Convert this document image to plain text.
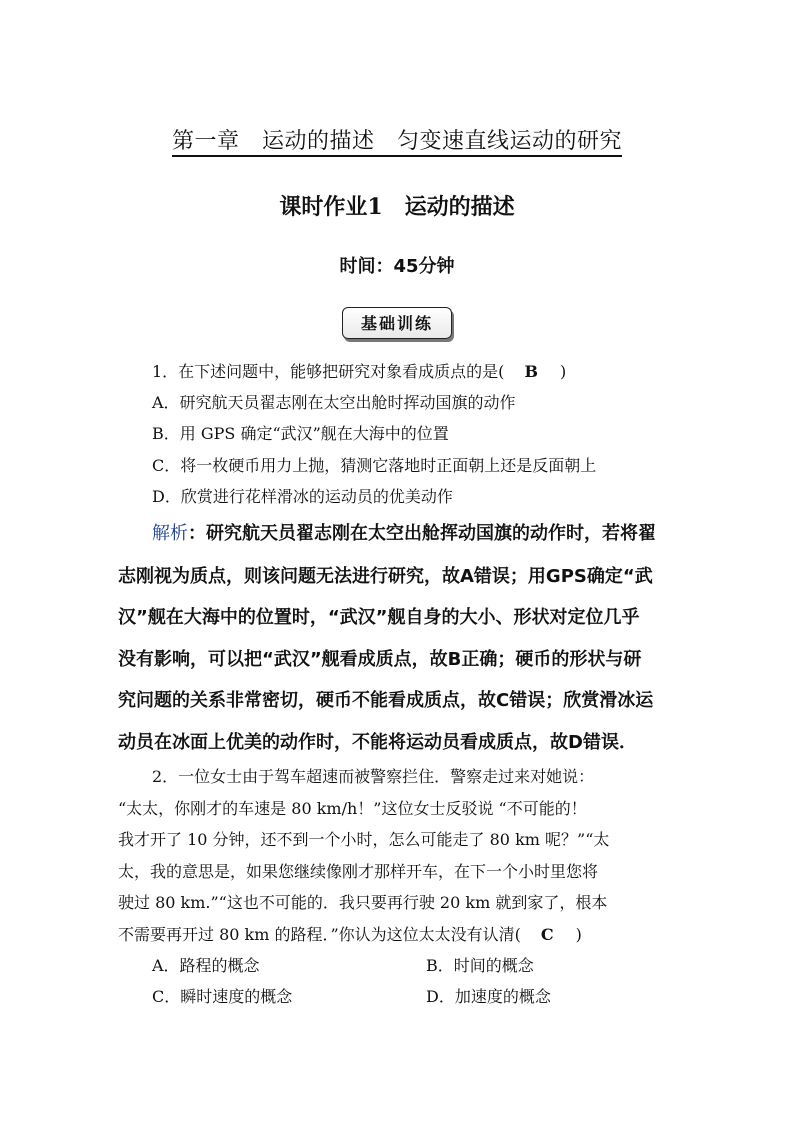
第一章　运动的描述　匀变速直线运动的研究
课时作业1　运动的描述
时间：45分钟
基础训练
1．在下述问题中，能够把研究对象看成质点的是( B )
A．研究航天员翟志刚在太空出舱时挥动国旗的动作
B．用 GPS 确定“武汉”舰在大海中的位置
C．将一枚硬币用力上抛，猜测它落地时正面朝上还是反面朝上
D．欣赏进行花样滑冰的运动员的优美动作
解析：研究航天员翟志刚在太空出舱挥动国旗的动作时，若将翟
志刚视为质点，则该问题无法进行研究，故A错误；用GPS确定“武
汉”舰在大海中的位置时，“武汉”舰自身的大小、形状对定位几乎
没有影响，可以把“武汉”舰看成质点，故B正确；硬币的形状与研
究问题的关系非常密切，硬币不能看成质点，故C错误；欣赏滑冰运
动员在冰面上优美的动作时，不能将运动员看成质点，故D错误．
2．一位女士由于驾车超速而被警察拦住．警察走过来对她说：
“太太，你刚才的车速是 80 km/h！”这位女士反驳说 “不可能的！
我才开了 10 分钟，还不到一个小时，怎么可能走了 80 km 呢？”“太
太，我的意思是，如果您继续像刚才那样开车，在下一个小时里您将
驶过 80 km.”“这也不可能的．我只要再行驶 20 km 就到家了，根本
不需要再开过 80 km 的路程．”你认为这位太太没有认清( C )
A．路程的概念	B．时间的概念
C．瞬时速度的概念	D．加速度的概念
